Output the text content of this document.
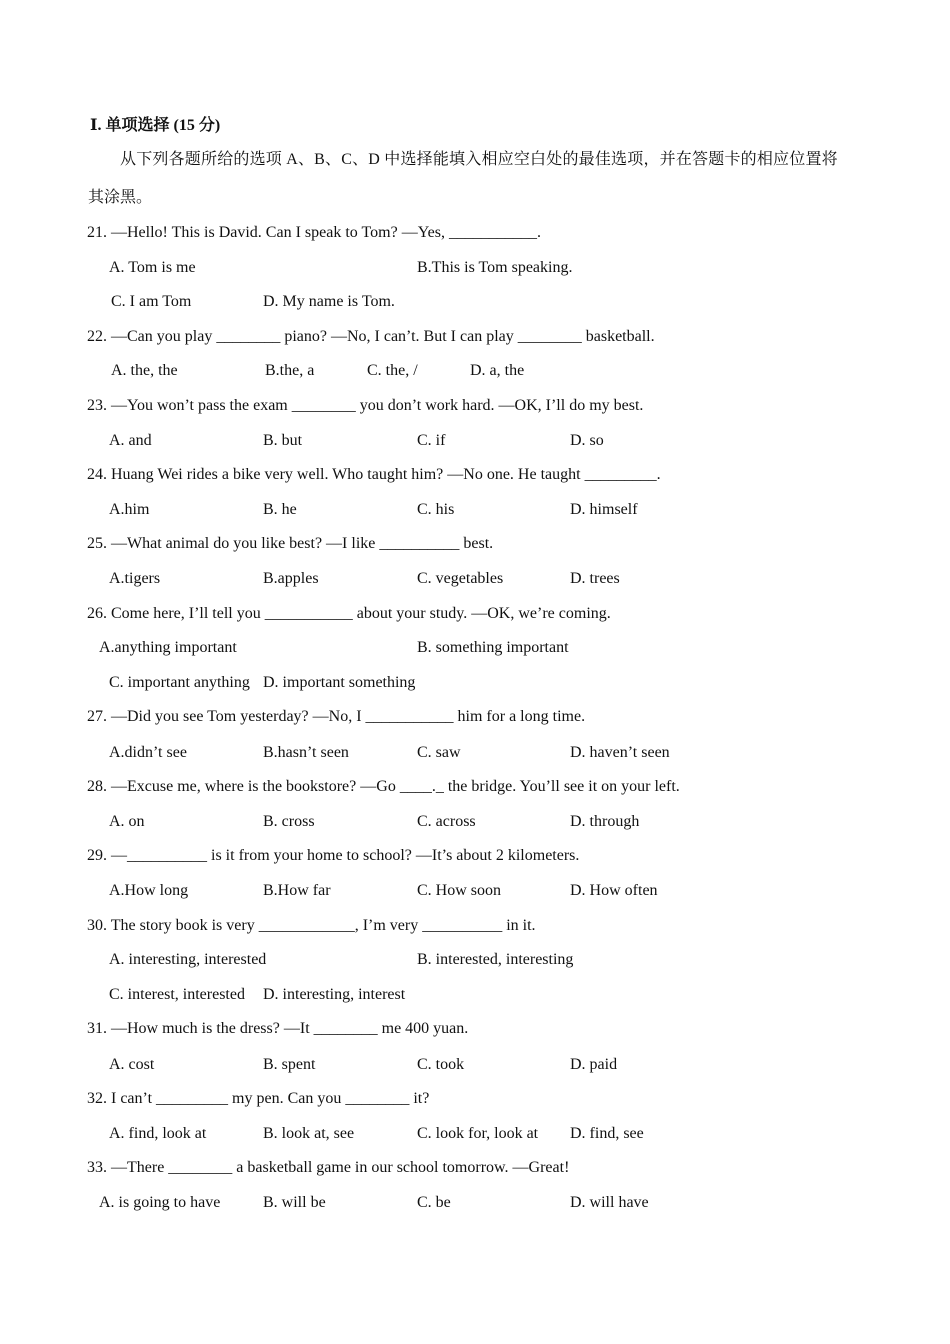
Ⅰ. 单项选择 (15 分)
从下列各题所给的选项 A、B、C、D 中选择能填入相应空白处的最佳选项，并在答题卡的相应位置将
其涂黑。
21. —Hello! This is David. Can I speak to Tom? —Yes, ___________.
A. Tom is me	B.This is Tom speaking.
C. I am Tom	D. My name is Tom.
22. —Can you play ________ piano? —No, I can’t. But I can play ________ basketball.
A. the, the	B.the, a	C. the, /	D. a, the
23. —You won’t pass the exam ________ you don’t work hard. —OK, I’ll do my best.
A. and	B. but	C. if	D. so
24. Huang Wei rides a bike very well. Who taught him? —No one. He taught _________.
A.him	B. he	C. his	D. himself
25. —What animal do you like best? —I like __________ best.
A.tigers	B.apples	C. vegetables	D. trees
26. Come here, I’ll tell you ___________ about your study. —OK, we’re coming.
A.anything important	B. something important
C. important anything D. important something
27. —Did you see Tom yesterday? —No, I ___________ him for a long time.
A.didn’t see	B.hasn’t seen	C. saw	D. haven’t seen
28. —Excuse me, where is the bookstore? —Go ____._ the bridge. You’ll see it on your left.
A. on	B. cross	C. across	D. through
29. —__________ is it from your home to school? —It’s about 2 kilometers.
A.How long	B.How far	C. How soon	D. How often
30. The story book is very ____________, I’m very __________ in it.
A. interesting, interested	B. interested, interesting
C. interest, interested D. interesting, interest
31. —How much is the dress? —It ________ me 400 yuan.
A. cost	B. spent	C. took	D. paid
32. I can’t _________ my pen. Can you ________ it?
A. find, look at	B. look at, see	C. look for, look at D. find, see
33. —There ________ a basketball game in our school tomorrow. —Great!
A. is going to have	B. will be	C. be	D. will have
